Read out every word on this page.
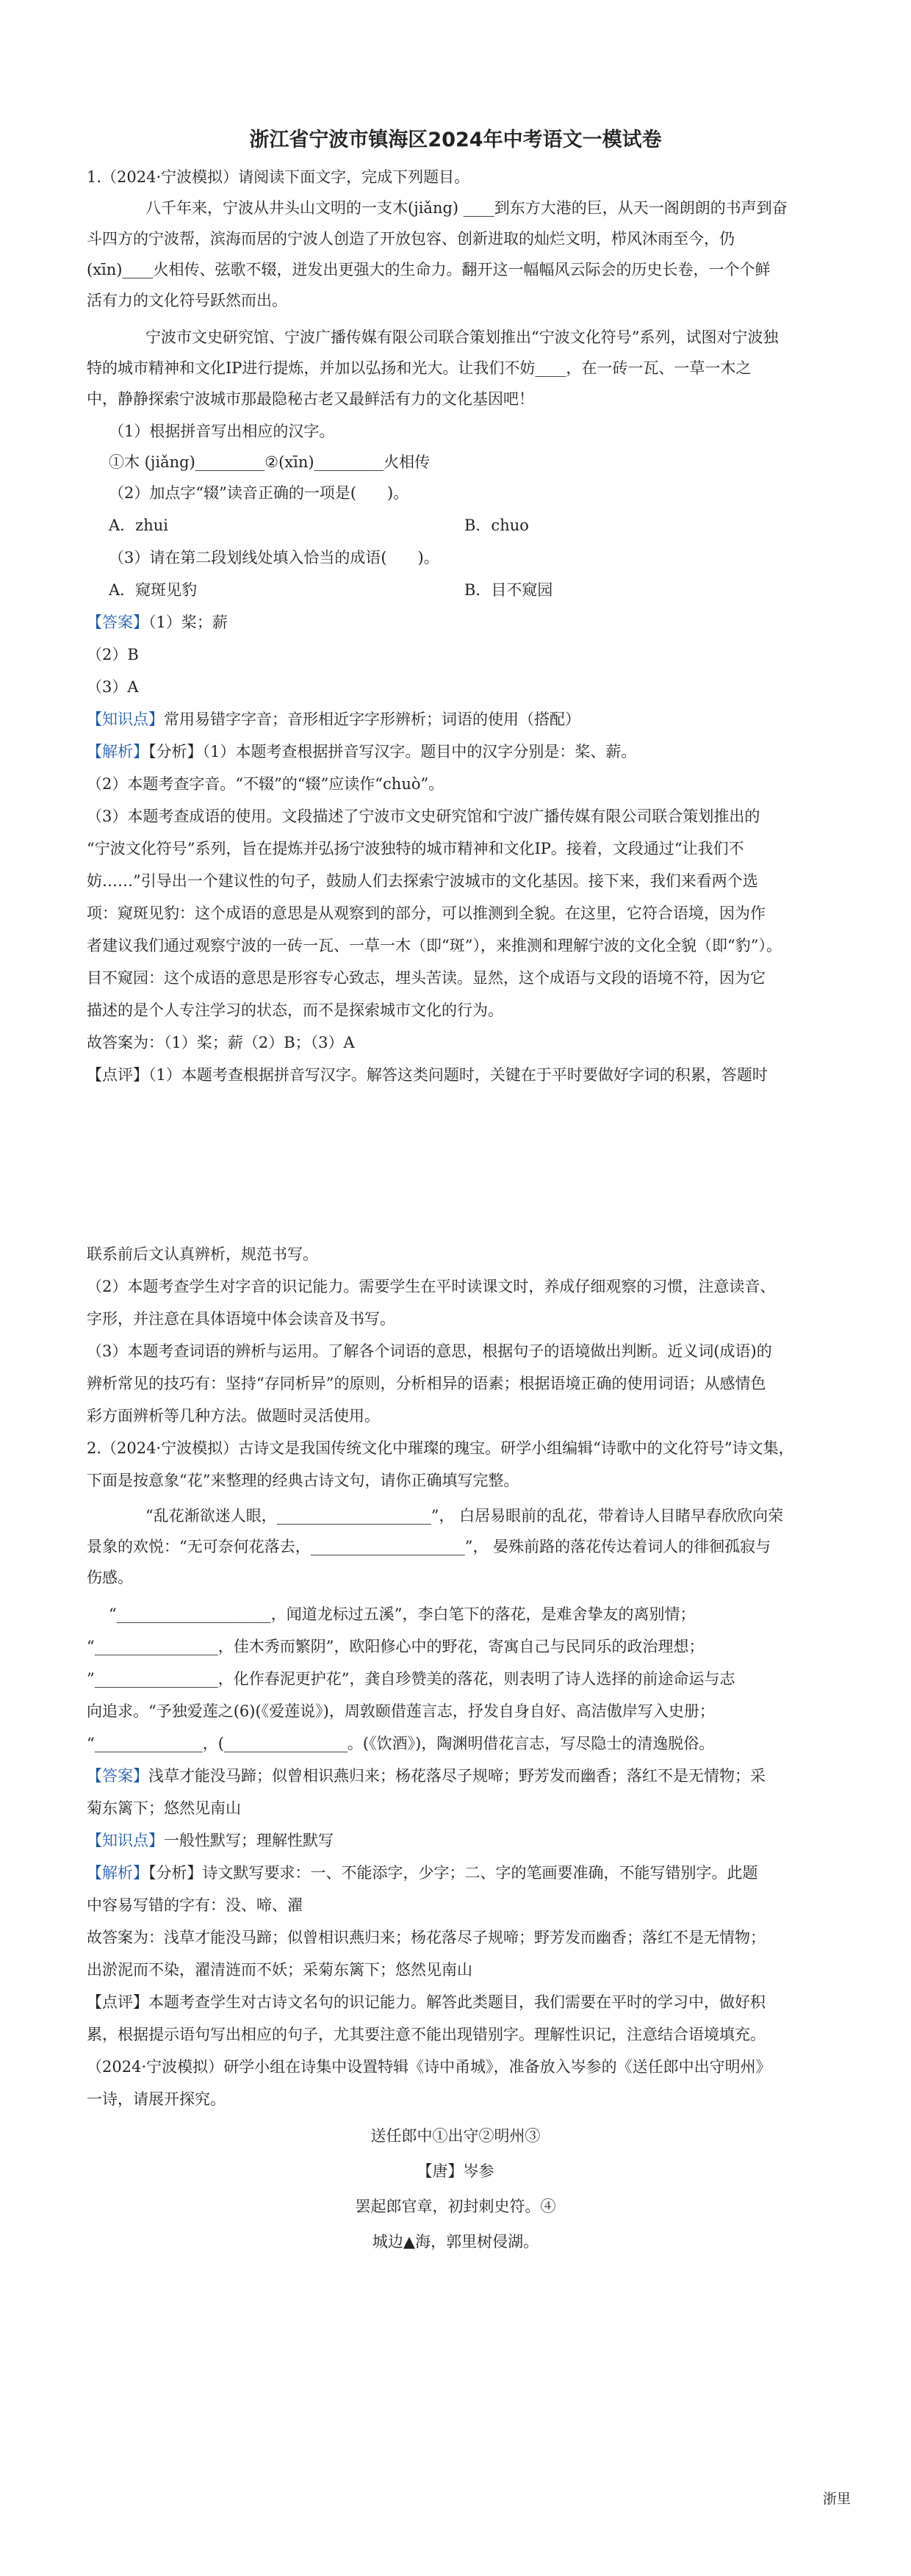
浙江省宁波市镇海区2024年中考语文一模试卷
1.（2024·宁波模拟）请阅读下面文字，完成下列题目。
八千年来，宁波从井头山文明的一支木(jiǎng) ____到东方大港的巨，从天一阁朗朗的书声到奋
斗四方的宁波帮，滨海而居的宁波人创造了开放包容、创新进取的灿烂文明，栉风沐雨至今，仍
(xīn)____火相传、弦歌不辍，迸发出更强大的生命力。翻开这一幅幅风云际会的历史长卷，一个个鲜
活有力的文化符号跃然而出。
宁波市文史研究馆、宁波广播传媒有限公司联合策划推出“宁波文化符号”系列，试图对宁波独
特的城市精神和文化IP进行提炼，并加以弘扬和光大。让我们不妨____，在一砖一瓦、一草一木之
中，静静探索宁波城市那最隐秘古老又最鲜活有力的文化基因吧！
（1）根据拼音写出相应的汉字。
①木 (jiǎng)_________②(xīn)_________火相传
（2）加点字“辍”读音正确的一项是(　　)。
A．zhui	B．chuo
（3）请在第二段划线处填入恰当的成语(　　)。
A．窥斑见豹	B．目不窥园
【答案】（1）桨；薪
（2）B
（3）A
【知识点】常用易错字字音；音形相近字字形辨析；词语的使用（搭配）
【解析】【分析】（1）本题考查根据拼音写汉字。题目中的汉字分别是：桨、薪。
（2）本题考查字音。“不辍”的“辍”应读作“chuò”。
（3）本题考查成语的使用。文段描述了宁波市文史研究馆和宁波广播传媒有限公司联合策划推出的
“宁波文化符号”系列，旨在提炼并弘扬宁波独特的城市精神和文化IP。接着，文段通过“让我们不
妨……”引导出一个建议性的句子，鼓励人们去探索宁波城市的文化基因。接下来，我们来看两个选
项：窥斑见豹：这个成语的意思是从观察到的部分，可以推测到全貌。在这里，它符合语境，因为作
者建议我们通过观察宁波的一砖一瓦、一草一木（即“斑”），来推测和理解宁波的文化全貌（即“豹”）。
目不窥园：这个成语的意思是形容专心致志，埋头苦读。显然，这个成语与文段的语境不符，因为它
描述的是个人专注学习的状态，而不是探索城市文化的行为。
故答案为：（1）桨；薪（2）B；（3）A
【点评】（1）本题考查根据拼音写汉字。解答这类问题时，关键在于平时要做好字词的积累，答题时
联系前后文认真辨析，规范书写。
（2）本题考查学生对字音的识记能力。需要学生在平时读课文时，养成仔细观察的习惯，注意读音、
字形，并注意在具体语境中体会读音及书写。
（3）本题考查词语的辨析与运用。了解各个词语的意思，根据句子的语境做出判断。近义词(成语)的
辨析常见的技巧有：坚持“存同析异”的原则，分析相异的语素；根据语境正确的使用词语；从感情色
彩方面辨析等几种方法。做题时灵活使用。
2.（2024·宁波模拟）古诗文是我国传统文化中璀璨的瑰宝。研学小组编辑“诗歌中的文化符号”诗文集，
下面是按意象“花”来整理的经典古诗文句，请你正确填写完整。
“乱花渐欲迷人眼，____________________”， 白居易眼前的乱花，带着诗人目睹早春欣欣向荣
景象的欢悦：“无可奈何花落去，____________________”， 晏殊前路的落花传达着词人的徘徊孤寂与
伤感。
“____________________，闻道龙标过五溪”，李白笔下的落花，是难舍挚友的离别情；
“________________，佳木秀而繁阴”，欧阳修心中的野花，寄寓自己与民同乐的政治理想；
”________________，化作春泥更护花”，龚自珍赞美的落花，则表明了诗人选择的前途命运与志
向追求。“予独爱莲之(6)(《爱莲说》)，周敦颐借莲言志，抒发自身自好、高洁傲岸写入史册；
“______________，(________________。(《饮酒》)，陶渊明借花言志，写尽隐士的清逸脱俗。
【答案】浅草才能没马蹄；似曾相识燕归来；杨花落尽子规啼；野芳发而幽香；落红不是无情物；采
菊东篱下；悠然见南山
【知识点】一般性默写；理解性默写
【解析】【分析】诗文默写要求：一、不能添字，少字；二、字的笔画要准确，不能写错别字。此题
中容易写错的字有：没、啼、濯
故答案为：浅草才能没马蹄；似曾相识燕归来；杨花落尽子规啼；野芳发而幽香；落红不是无情物；
出淤泥而不染，濯清涟而不妖；采菊东篱下；悠然见南山
【点评】本题考查学生对古诗文名句的识记能力。解答此类题目，我们需要在平时的学习中，做好积
累，根据提示语句写出相应的句子，尤其要注意不能出现错别字。理解性识记，注意结合语境填充。
（2024·宁波模拟）研学小组在诗集中设置特辑《诗中甬城》，准备放入岑参的《送任郎中出守明州》
一诗，请展开探究。
送任郎中①出守②明州③
【唐】岑参
罢起郎官章，初封刺史符。④
城边▲海，郭里树侵湖。
浙里
